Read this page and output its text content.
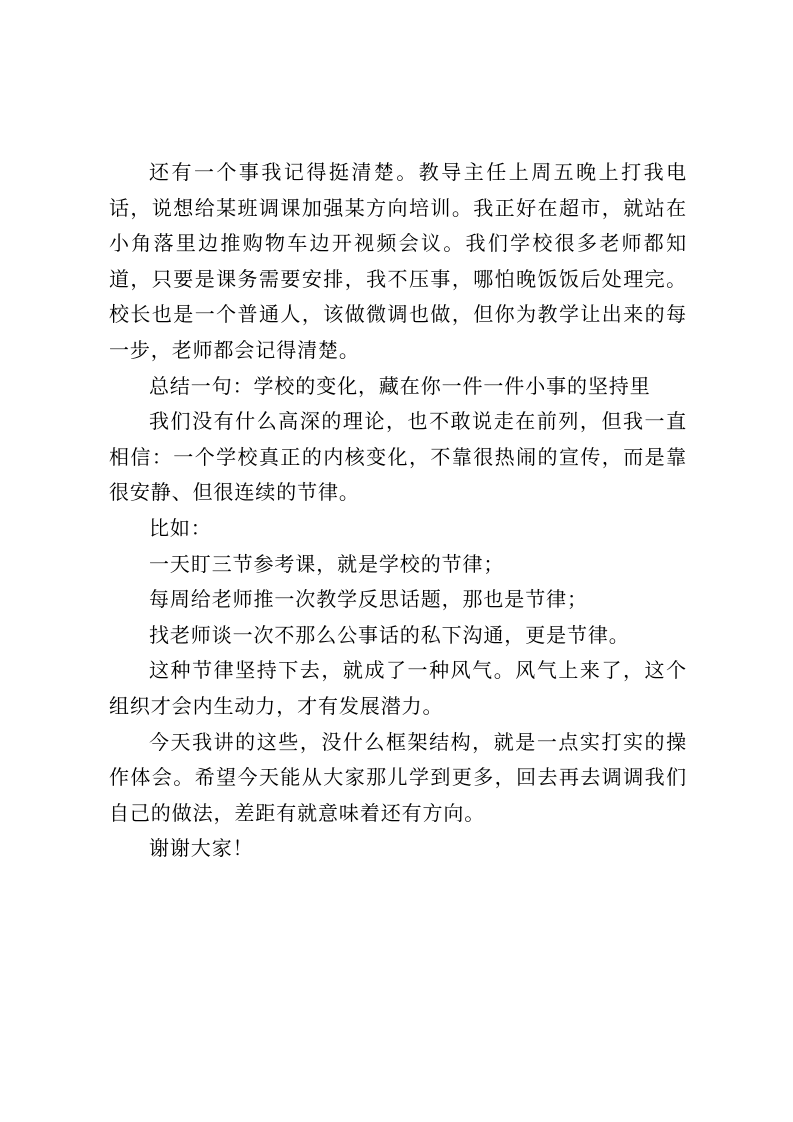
还有一个事我记得挺清楚。教导主任上周五晚上打我电话，说想给某班调课加强某方向培训。我正好在超市，就站在小角落里边推购物车边开视频会议。我们学校很多老师都知道，只要是课务需要安排，我不压事，哪怕晚饭饭后处理完。校长也是一个普通人，该做微调也做，但你为教学让出来的每一步，老师都会记得清楚。

总结一句：学校的变化，藏在你一件一件小事的坚持里

我们没有什么高深的理论，也不敢说走在前列，但我一直相信：一个学校真正的内核变化，不靠很热闹的宣传，而是靠很安静、但很连续的节律。

比如：

一天盯三节参考课，就是学校的节律；

每周给老师推一次教学反思话题，那也是节律；

找老师谈一次不那么公事话的私下沟通，更是节律。

这种节律坚持下去，就成了一种风气。风气上来了，这个组织才会内生动力，才有发展潜力。

今天我讲的这些，没什么框架结构，就是一点实打实的操作体会。希望今天能从大家那儿学到更多，回去再去调调我们自己的做法，差距有就意味着还有方向。

谢谢大家！
